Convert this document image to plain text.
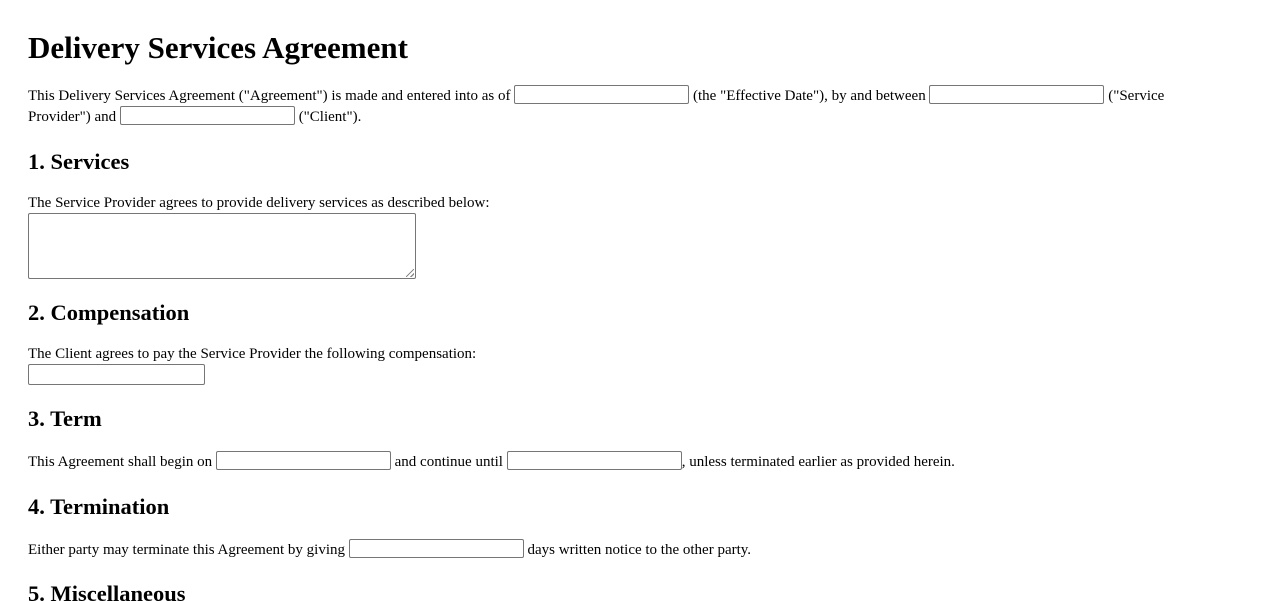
Delivery Services Agreement
This Delivery Services Agreement ("Agreement") is made and entered into as of	(the "Effective Date"), by and between	("Service
Provider") and	("Client").
1. Services
The Service Provider agrees to provide delivery services as described below:
2. Compensation
The Client agrees to pay the Service Provider the following compensation:
3. Term
This Agreement shall begin on	and continue until	, unless terminated earlier as provided herein.
4. Termination
Either party may terminate this Agreement by giving	days written notice to the other party.
5. Miscellaneous
